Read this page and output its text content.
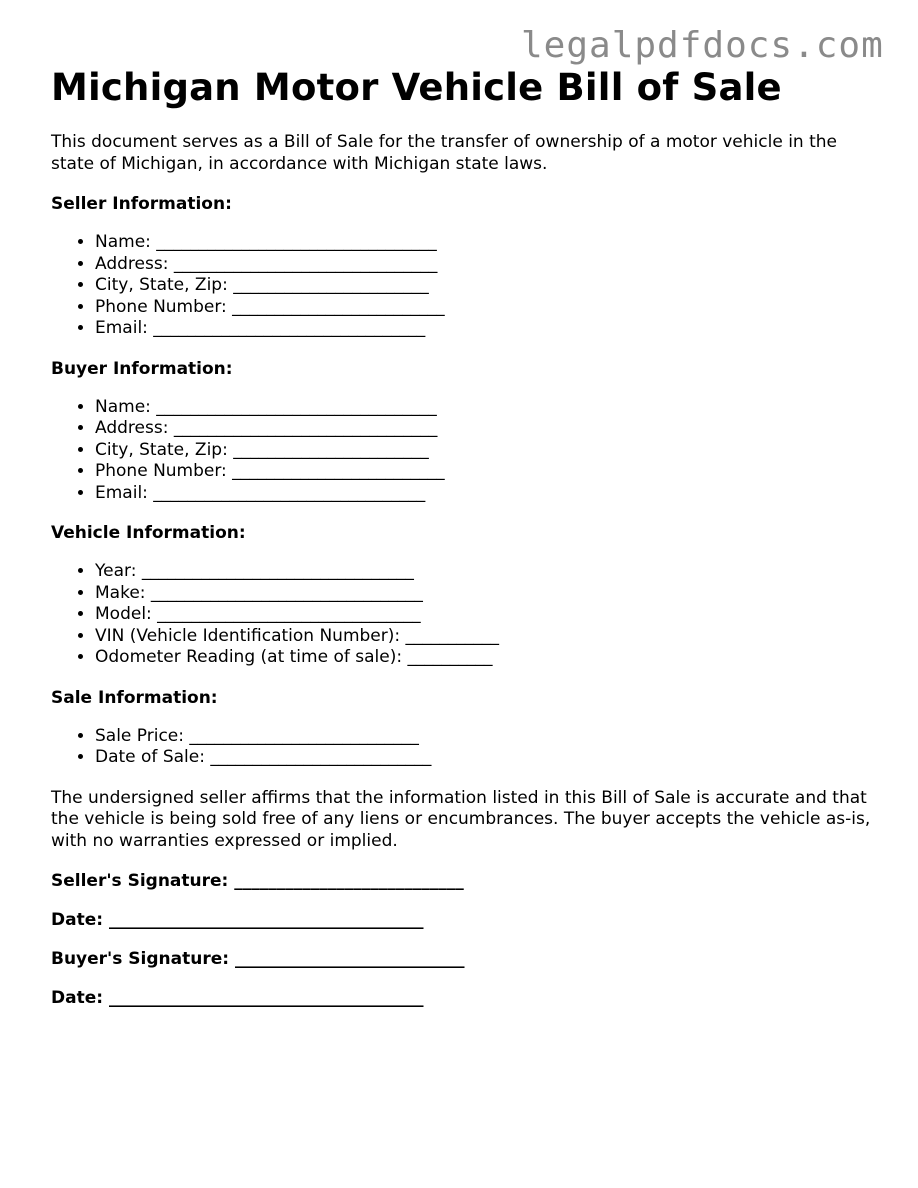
legalpdfdocs.com
Michigan Motor Vehicle Bill of Sale

This document serves as a Bill of Sale for the transfer of ownership of a motor vehicle in the state of Michigan, in accordance with Michigan state laws.

Seller Information:
• Name: _________________________________
• Address: _______________________________
• City, State, Zip: _______________________
• Phone Number: _________________________
• Email: ________________________________
Buyer Information:
• Name: _________________________________
• Address: _______________________________
• City, State, Zip: _______________________
• Phone Number: _________________________
• Email: ________________________________
Vehicle Information:
• Year: ________________________________
• Make: ________________________________
• Model: _______________________________
• VIN (Vehicle Identification Number): ___________
• Odometer Reading (at time of sale): __________
Sale Information:
• Sale Price: ___________________________
• Date of Sale: __________________________

The undersigned seller affirms that the information listed in this Bill of Sale is accurate and that the vehicle is being sold free of any liens or encumbrances. The buyer accepts the vehicle as-is, with no warranties expressed or implied.

Seller's Signature: ___________________________
Date: _____________________________________
Buyer's Signature: ___________________________
Date: _____________________________________
